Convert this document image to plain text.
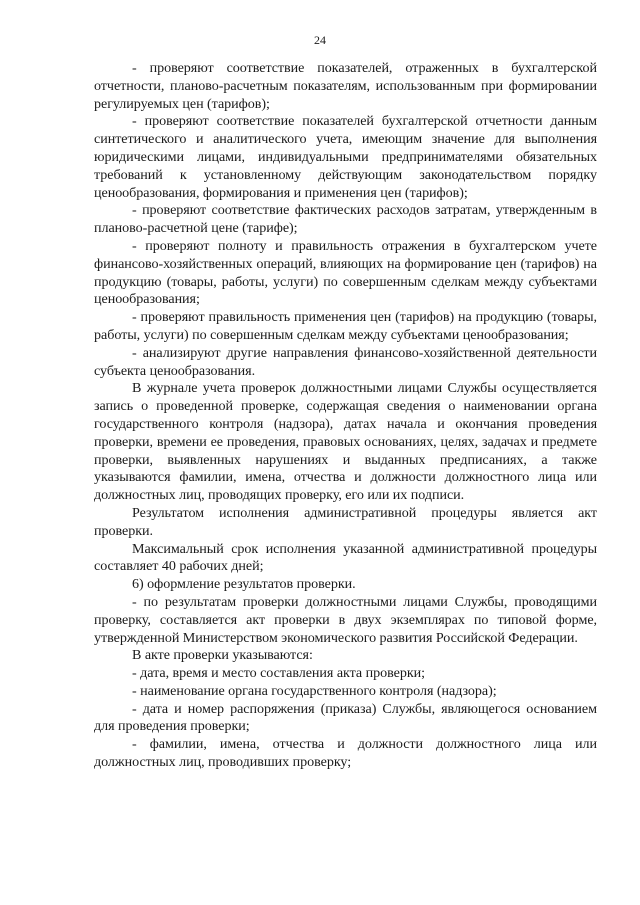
24

- проверяют соответствие показателей, отраженных в бухгалтерской отчетности, планово-расчетным показателям, использованным при формировании регулируемых цен (тарифов);

- проверяют соответствие показателей бухгалтерской отчетности данным синтетического и аналитического учета, имеющим значение для выполнения юридическими лицами, индивидуальными предпринимателями обязательных требований к установленному действующим законодательством порядку ценообразования, формирования и применения цен (тарифов);

- проверяют соответствие фактических расходов затратам, утвержденным в планово-расчетной цене (тарифе);

- проверяют полноту и правильность отражения в бухгалтерском учете финансово-хозяйственных операций, влияющих на формирование цен (тарифов) на продукцию (товары, работы, услуги) по совершенным сделкам между субъектами ценообразования;

- проверяют правильность применения цен (тарифов) на продукцию (товары, работы, услуги) по совершенным сделкам между субъектами ценообразования;

- анализируют другие направления финансово-хозяйственной деятельности субъекта ценообразования.

В журнале учета проверок должностными лицами Службы осуществляется запись о проведенной проверке, содержащая сведения о наименовании органа государственного контроля (надзора), датах начала и окончания проведения проверки, времени ее проведения, правовых основаниях, целях, задачах и предмете проверки, выявленных нарушениях и выданных предписаниях, а также указываются фамилии, имена, отчества и должности должностного лица или должностных лиц, проводящих проверку, его или их подписи.

Результатом исполнения административной процедуры является акт проверки.

Максимальный срок исполнения указанной административной процедуры составляет 40 рабочих дней;

6) оформление результатов проверки.

- по результатам проверки должностными лицами Службы, проводящими проверку, составляется акт проверки в двух экземплярах по типовой форме, утвержденной Министерством экономического развития Российской Федерации.

В акте проверки указываются:

- дата, время и место составления акта проверки;

- наименование органа государственного контроля (надзора);

- дата и номер распоряжения (приказа) Службы, являющегося основанием для проведения проверки;

- фамилии, имена, отчества и должности должностного лица или должностных лиц, проводивших проверку;
